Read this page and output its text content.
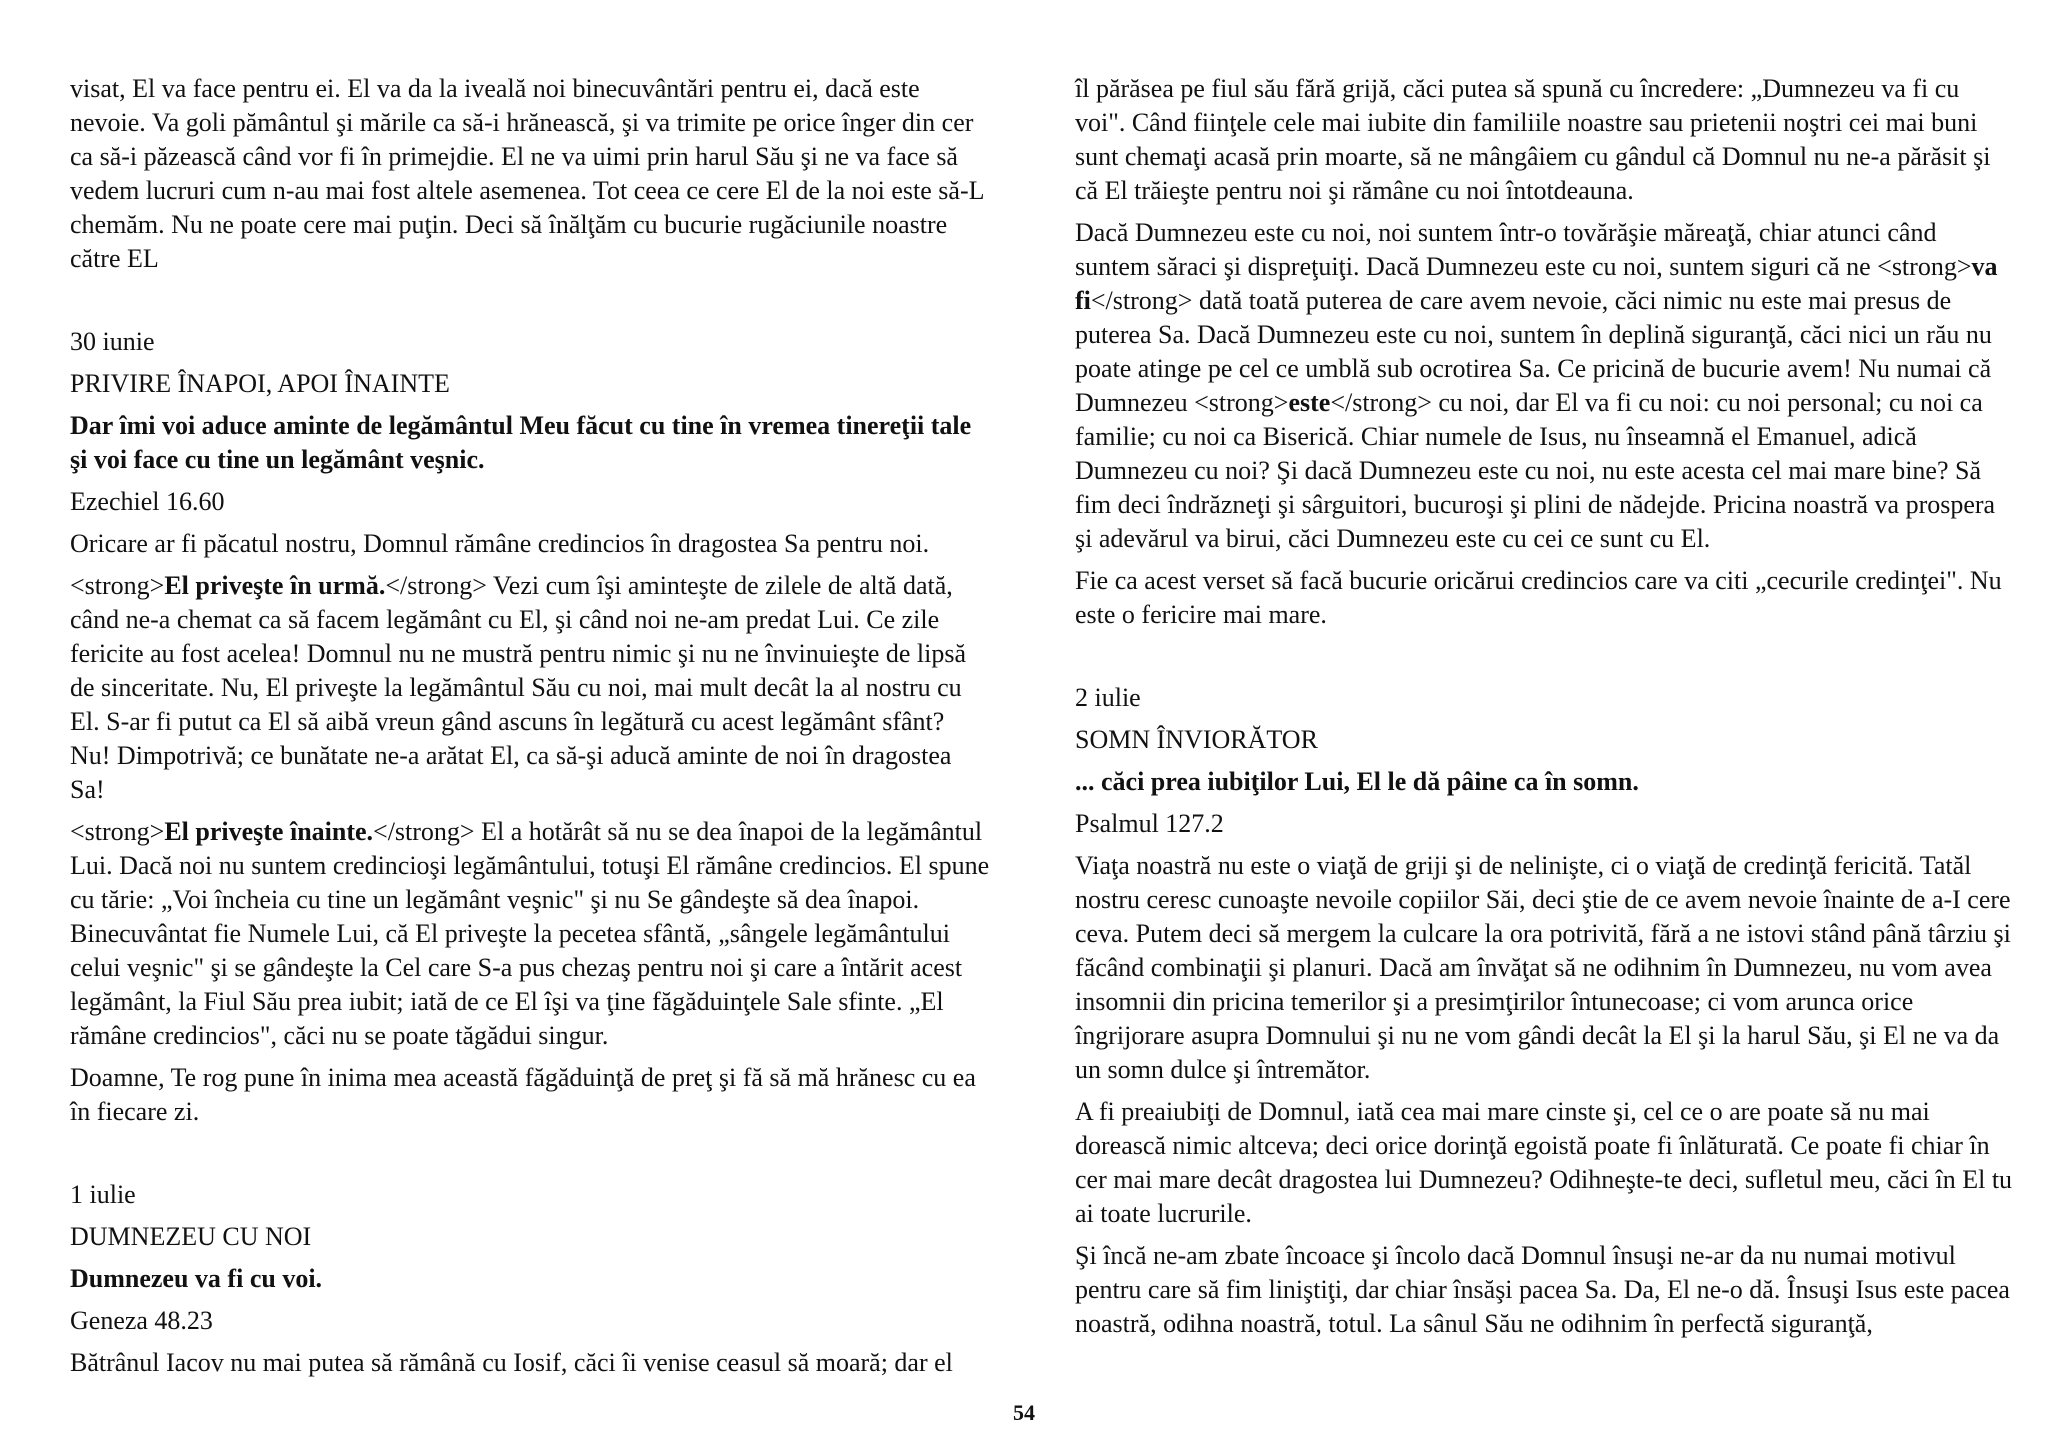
visat, El va face pentru ei. El va da la iveală noi binecuvântări pentru ei, dacă este nevoie. Va goli pământul şi mările ca să-i hrănească, şi va trimite pe orice înger din cer ca să-i păzească când vor fi în primejdie. El ne va uimi prin harul Său şi ne va face să vedem lucruri cum n-au mai fost altele asemenea. Tot ceea ce cere El de la noi este să-L chemăm. Nu ne poate cere mai puţin. Deci să înălţăm cu bucurie rugăciunile noastre către EL

30 iunie

PRIVIRE ÎNAPOI, APOI ÎNAINTE

Dar îmi voi aduce aminte de legământul Meu făcut cu tine în vremea tinereţii tale şi voi face cu tine un legământ veşnic.

Ezechiel 16.60

Oricare ar fi păcatul nostru, Domnul rămâne credincios în dragostea Sa pentru noi.

<strong>El priveşte în urmă.</strong> Vezi cum îşi aminteşte de zilele de altă dată, când ne-a chemat ca să facem legământ cu El, şi când noi ne-am predat Lui. Ce zile fericite au fost acelea! Domnul nu ne mustră pentru nimic şi nu ne învinuieşte de lipsă de sinceritate. Nu, El priveşte la legământul Său cu noi, mai mult decât la al nostru cu El. S-ar fi putut ca El să aibă vreun gând ascuns în legătură cu acest legământ sfânt? Nu! Dimpotrivă; ce bunătate ne-a arătat El, ca să-şi aducă aminte de noi în dragostea Sa!

<strong>El priveşte înainte.</strong> El a hotărât să nu se dea înapoi de la legământul Lui. Dacă noi nu suntem credincioşi legământului, totuşi El rămâne credincios. El spune cu tărie: „Voi încheia cu tine un legământ veşnic" şi nu Se gândeşte să dea înapoi. Binecuvântat fie Numele Lui, că El priveşte la pecetea sfântă, „sângele legământului celui veşnic" şi se gândeşte la Cel care S-a pus chezaş pentru noi şi care a întărit acest legământ, la Fiul Său prea iubit; iată de ce El îşi va ţine făgăduinţele Sale sfinte. „El rămâne credincios", căci nu se poate tăgădui singur.

Doamne, Te rog pune în inima mea această făgăduinţă de preţ şi fă să mă hrănesc cu ea în fiecare zi.

1 iulie

DUMNEZEU CU NOI

Dumnezeu va fi cu voi.

Geneza 48.23

Bătrânul Iacov nu mai putea să rămână cu Iosif, căci îi venise ceasul să moară; dar el

îl părăsea pe fiul său fără grijă, căci putea să spună cu încredere: „Dumnezeu va fi cu voi". Când fiinţele cele mai iubite din familiile noastre sau prietenii noştri cei mai buni sunt chemaţi acasă prin moarte, să ne mângâiem cu gândul că Domnul nu ne-a părăsit şi că El trăieşte pentru noi şi rămâne cu noi întotdeauna.

Dacă Dumnezeu este cu noi, noi suntem într-o tovărăşie măreaţă, chiar atunci când suntem săraci şi dispreţuiţi. Dacă Dumnezeu este cu noi, suntem siguri că ne <strong>va fi</strong> dată toată puterea de care avem nevoie, căci nimic nu este mai presus de puterea Sa. Dacă Dumnezeu este cu noi, suntem în deplină siguranţă, căci nici un rău nu poate atinge pe cel ce umblă sub ocrotirea Sa. Ce pricină de bucurie avem! Nu numai că Dumnezeu <strong>este</strong> cu noi, dar El va fi cu noi: cu noi personal; cu noi ca familie; cu noi ca Biserică. Chiar numele de Isus, nu înseamnă el Emanuel, adică Dumnezeu cu noi? Şi dacă Dumnezeu este cu noi, nu este acesta cel mai mare bine? Să fim deci îndrăzneţi şi sârguitori, bucuroşi şi plini de nădejde. Pricina noastră va prospera şi adevărul va birui, căci Dumnezeu este cu cei ce sunt cu El.

Fie ca acest verset să facă bucurie oricărui credincios care va citi „cecurile credinţei". Nu este o fericire mai mare.

2 iulie

SOMN ÎNVIORĂTOR

... căci prea iubiţilor Lui, El le dă pâine ca în somn.

Psalmul 127.2

Viaţa noastră nu este o viaţă de griji şi de nelinişte, ci o viaţă de credinţă fericită. Tatăl nostru ceresc cunoaşte nevoile copiilor Săi, deci ştie de ce avem nevoie înainte de a-I cere ceva. Putem deci să mergem la culcare la ora potrivită, fără a ne istovi stând până târziu şi făcând combinaţii şi planuri. Dacă am învăţat să ne odihnim în Dumnezeu, nu vom avea insomnii din pricina temerilor şi a presimţirilor întunecoase; ci vom arunca orice îngrijorare asupra Domnului şi nu ne vom gândi decât la El şi la harul Său, şi El ne va da un somn dulce şi întremător.

A fi preaiubiţi de Domnul, iată cea mai mare cinste şi, cel ce o are poate să nu mai dorească nimic altceva; deci orice dorinţă egoistă poate fi înlăturată. Ce poate fi chiar în cer mai mare decât dragostea lui Dumnezeu? Odihneşte-te deci, sufletul meu, căci în El tu ai toate lucrurile.

Şi încă ne-am zbate încoace şi încolo dacă Domnul însuşi ne-ar da nu numai motivul pentru care să fim liniştiţi, dar chiar însăşi pacea Sa. Da, El ne-o dă. Însuşi Isus este pacea noastră, odihna noastră, totul. La sânul Său ne odihnim în perfectă siguranţă,

54
